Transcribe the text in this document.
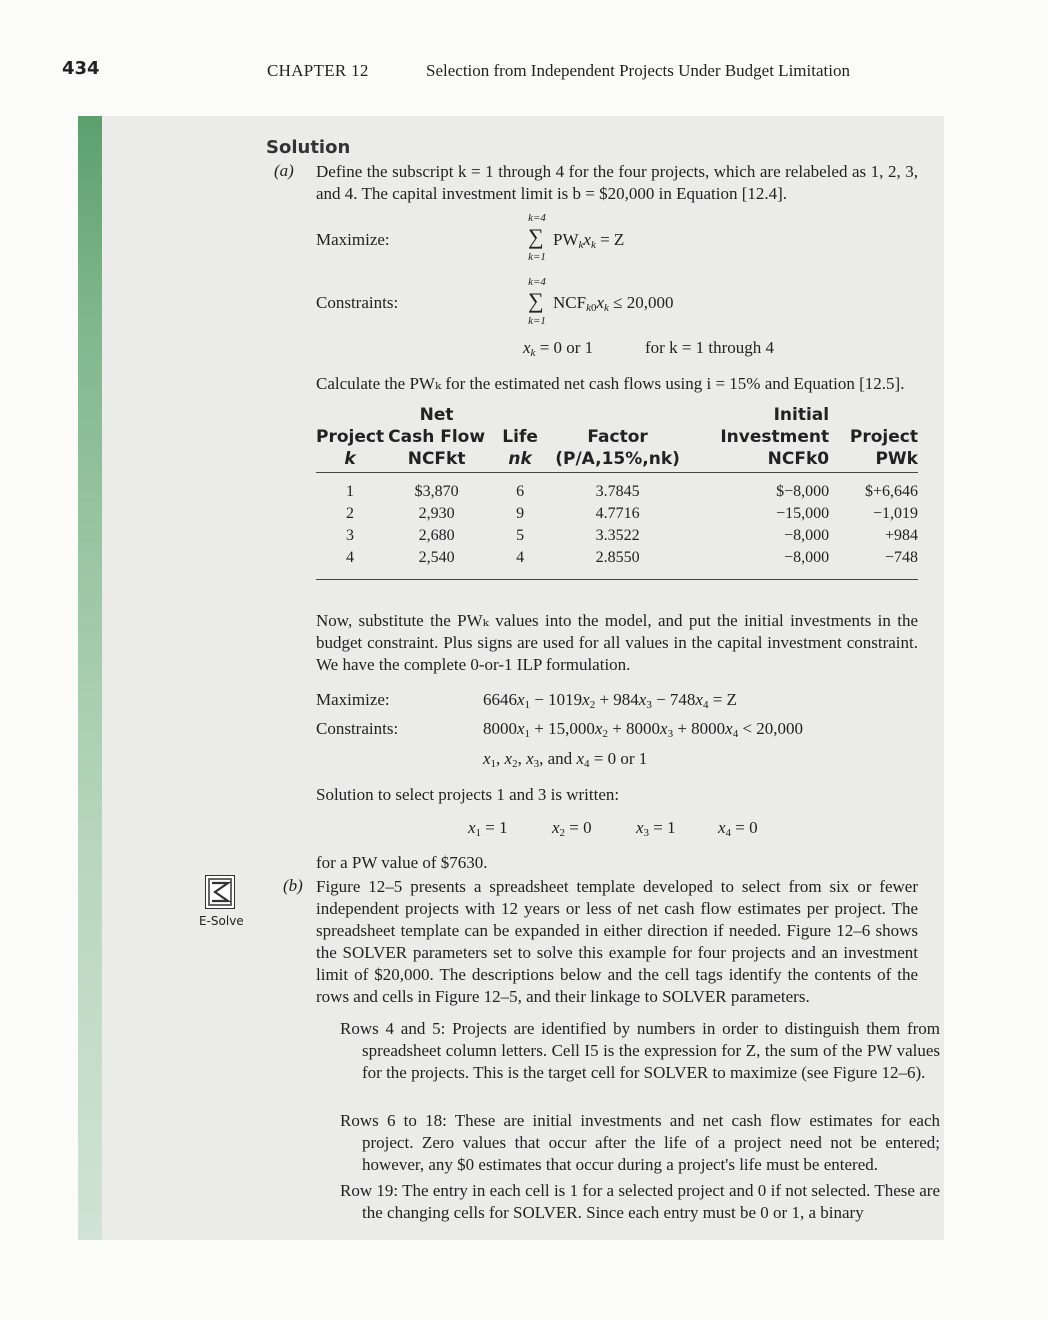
434	CHAPTER 12	Selection from Independent Projects Under Budget Limitation
Solution
(a) Define the subscript k = 1 through 4 for the four projects, which are relabeled as 1, 2, 3, and 4. The capital investment limit is b = $20,000 in Equation [12.4].
Maximize:
k=4
∑
k=1
$PW_kx_k = Z$
Constraints:
k=4
∑
k=1
$NCF_{k0}x_k \le 20,000$
$x_k = 0$ or 1	for k = 1 through 4
Calculate the PWₖ for the estimated net cash flows using i = 15% and Equation [12.5].
	Net			Initial	
Project	Cash Flow	Life	Factor	Investment	Project
k	NCFkt	nk	(P/A,15%,nk)	NCFk0	PWk
1	$3,870	6	3.7845	$−8,000	$+6,646
2	2,930	9	4.7716	−15,000	−1,019
3	2,680	5	3.3522	−8,000	+984
4	2,540	4	2.8550	−8,000	−748
Now, substitute the PWₖ values into the model, and put the initial investments in the budget constraint. Plus signs are used for all values in the capital investment constraint. We have the complete 0-or-1 ILP formulation.
Maximize:	$6646x_1 - 1019x_2 + 984x_3 - 748x_4 = Z$
Constraints:	$8000x_1 + 15,000x_2 + 8000x_3 + 8000x_4 < 20,000$
$x_1$, $x_2$, $x_3$, and $x_4 = 0$ or 1
Solution to select projects 1 and 3 is written:
$x_1 = 1$	$x_2 = 0$	$x_3 = 1$ $x_4 = 0$
for a PW value of $7630.
(b) Figure 12–5 presents a spreadsheet template developed to select from six or fewer independent projects with 12 years or less of net cash flow estimates per project. The spreadsheet template can be expanded in either direction if needed. Figure 12–6 shows the SOLVER parameters set to solve this example for four projects and an investment limit of $20,000. The descriptions below and the cell tags identify the contents of the rows and cells in Figure 12–5, and their linkage to SOLVER parameters.
E-Solve
Rows 4 and 5: Projects are identified by numbers in order to distinguish them from spreadsheet column letters. Cell I5 is the expression for Z, the sum of the PW values for the projects. This is the target cell for SOLVER to maximize (see Figure 12–6).
Rows 6 to 18: These are initial investments and net cash flow estimates for each project. Zero values that occur after the life of a project need not be entered; however, any $0 estimates that occur during a project's life must be entered.
Row 19: The entry in each cell is 1 for a selected project and 0 if not selected. These are the changing cells for SOLVER. Since each entry must be 0 or 1, a binary
